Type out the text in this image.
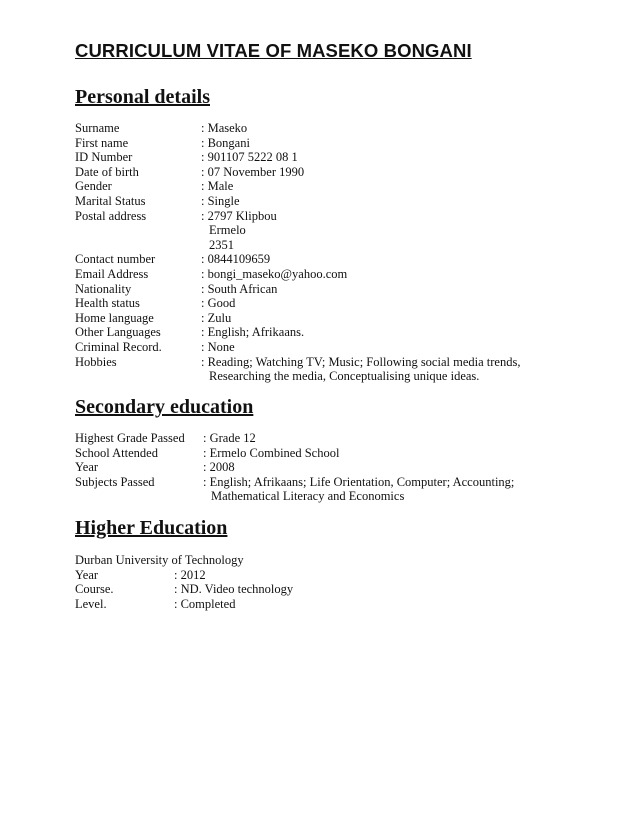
CURRICULUM VITAE OF MASEKO BONGANI
Personal details
Surname	: Maseko
First name	: Bongani
ID Number	: 901107 5222 08 1
Date of birth	: 07 November 1990
Gender	: Male
Marital Status	: Single
Postal address	: 2797 Klipbou
Ermelo
2351
Contact number	: 0844109659
Email Address	: bongi_maseko@yahoo.com
Nationality	: South African
Health status	: Good
Home language	: Zulu
Other Languages	: English; Afrikaans.
Criminal Record.	: None
Hobbies	: Reading; Watching TV; Music; Following social media trends,
Researching the media, Conceptualising unique ideas.
Secondary education
Highest Grade Passed	: Grade 12
School Attended	: Ermelo Combined School
Year	: 2008
Subjects Passed	: English; Afrikaans; Life Orientation, Computer; Accounting;
Mathematical Literacy and Economics
Higher Education
Durban University of Technology
Year	: 2012
Course.	: ND. Video technology
Level.	: Completed
